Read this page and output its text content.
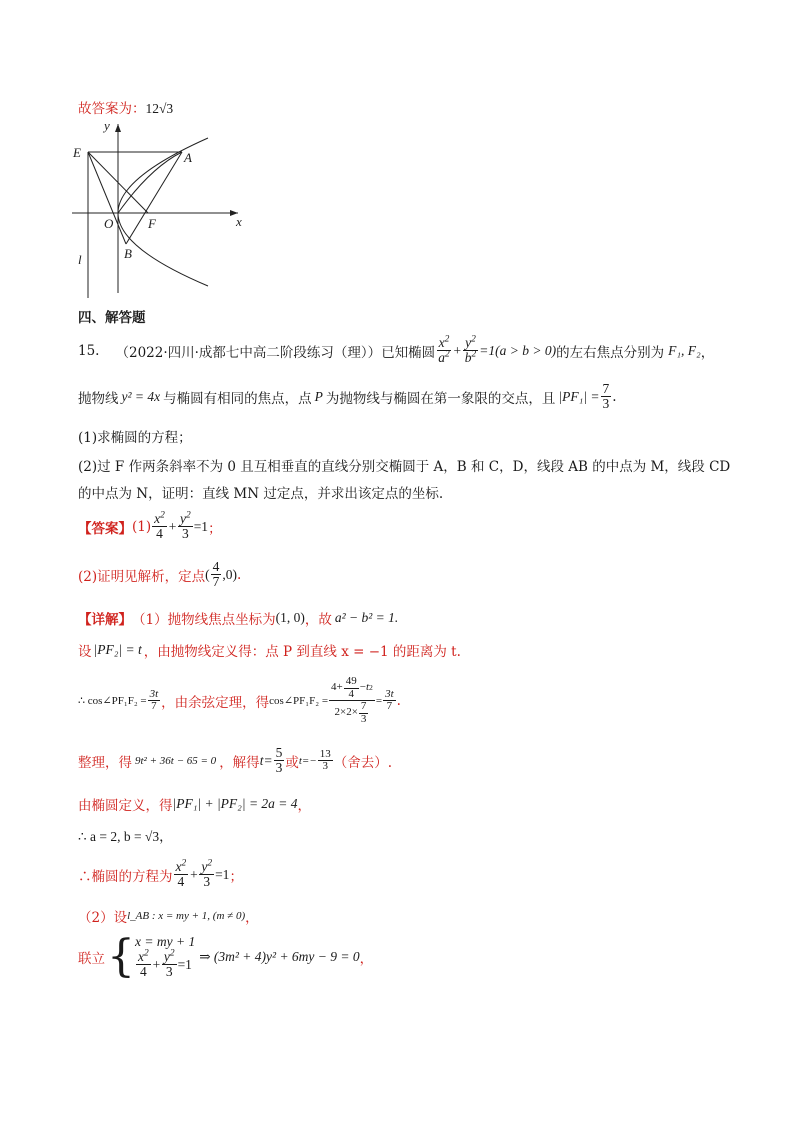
故答案为：12√3
y
x
E	A
O	F
B
l
四、解答题
15. （2022·四川·成都七中高二阶段练习（理）） 已知椭圆 $\frac{x^2}{a^2} + \frac{y^2}{b^2} =1(a > b > 0)$ 的左右焦点分别为 F₁, F₂ ，
抛物线 y² = 4x 与椭圆有相同的焦点，点 P 为抛物线与椭圆在第一象限的交点，且 $|PF_1| = \frac{7}{3}$ .
(1)求椭圆的方程；
(2)过 F 作两条斜率不为 0 且互相垂直的直线分别交椭圆于 A，B 和 C，D，线段 AB 的中点为 M，线段 CD
的中点为 N，证明：直线 MN 过定点，并求出该定点的坐标.
【答案】 $(1) \frac{x^2}{4} + \frac{y^2}{3} =1$ ；
(2)证明见解析，定点 ( $\frac{4}{7} ,0$) .
【详解】 （1）抛物线焦点坐标为 (1, 0) ，故 a² − b² = 1.
设 |PF₂| = t ，由抛物线定义得：点 P 到直线 x = −1 的距离为 t.
∴ cos∠PF₁F₂ = $\frac{3t}{7}$ ，由余弦定理，得 cos∠PF₁F₂ = $\frac{4+ \frac{49}{4} - t 2}{2\times 2\times \frac{7}{3}} = \frac{3t}{7}$ .
整理，得 9t² + 36t − 65 = 0 ，解得 $t= \frac{5}{3}$ 或 $t=- \frac{13}{3}$ （舍去）.
由椭圆定义，得 |PF₁| + |PF₂| = 2a = 4 ，
∴ a = 2, b = √3，
∴椭圆的方程为 $\frac{x^2}{4} + \frac{y^2}{3} =1$ ；
（2）设 l_AB : x = my + 1, (m ≠ 0) ，
联立 { x = my + 1
$\frac{x^2}{4} + \frac{y^2}{3} =1$
⇒ (3m² + 4)y² + 6my − 9 = 0 ，
